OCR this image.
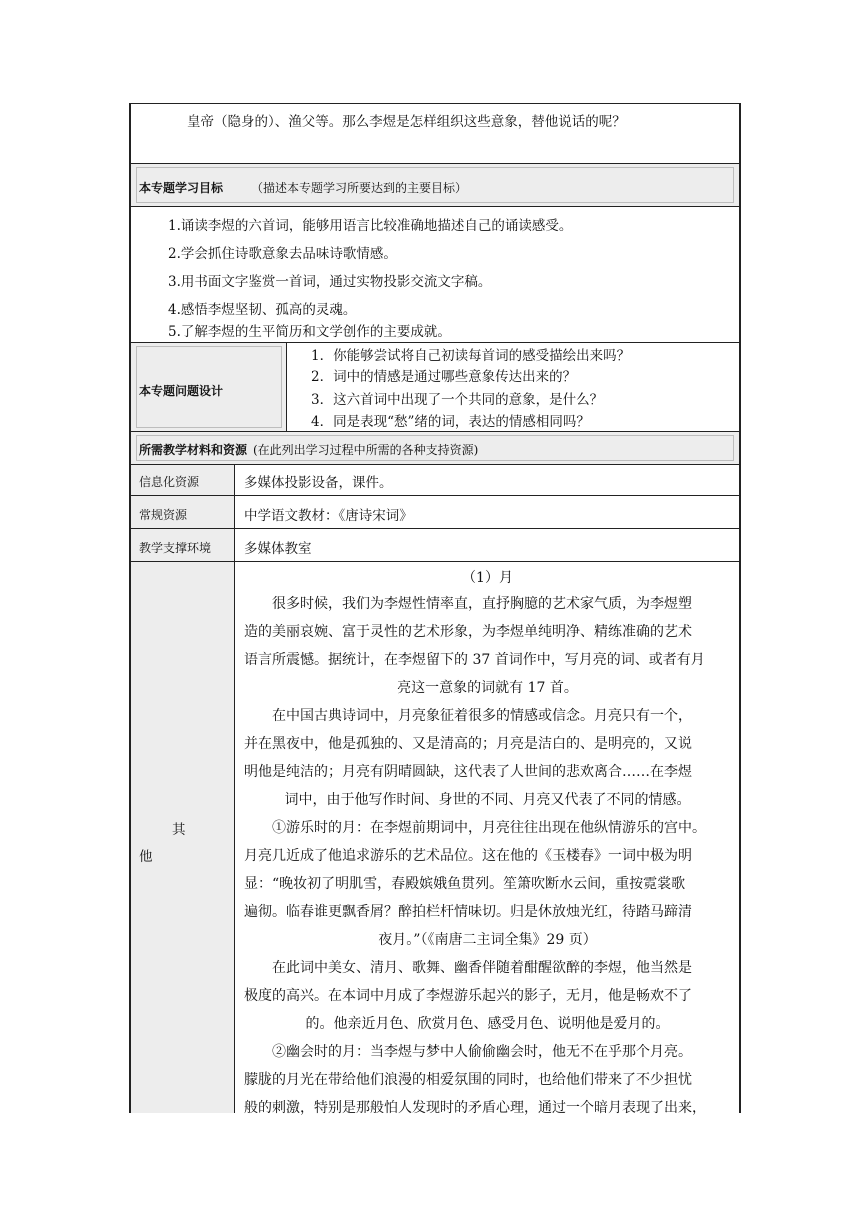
皇帝（隐身的）、渔父等。那么李煜是怎样组织这些意象，替他说话的呢？
本专题学习目标 （描述本专题学习所要达到的主要目标）
1.诵读李煜的六首词，能够用语言比较准确地描述自己的诵读感受。
2.学会抓住诗歌意象去品味诗歌情感。
3.用书面文字鉴赏一首词，通过实物投影交流文字稿。
4.感悟李煜坚韧、孤高的灵魂。
5.了解李煜的生平简历和文学创作的主要成就。
本专题问题设计
1．你能够尝试将自己初读每首词的感受描绘出来吗？
2．词中的情感是通过哪些意象传达出来的？
3．这六首词中出现了一个共同的意象，是什么？
4．同是表现“愁”绪的词，表达的情感相同吗？
所需教学材料和资源 (在此列出学习过程中所需的各种支持资源)
信息化资源	多媒体投影设备，课件。
常规资源	中学语文教材：《唐诗宋词》
教学支撑环境 多媒体教室
其
他
（1）月
很多时候，我们为李煜性情率直，直抒胸臆的艺术家气质，为李煜塑
造的美丽哀婉、富于灵性的艺术形象，为李煜单纯明净、精练准确的艺术
语言所震憾。据统计，在李煜留下的 37 首词作中，写月亮的词、或者有月
亮这一意象的词就有 17 首。
在中国古典诗词中，月亮象征着很多的情感或信念。月亮只有一个，
并在黑夜中，他是孤独的、又是清高的；月亮是洁白的、是明亮的，又说
明他是纯洁的；月亮有阴晴圆缺，这代表了人世间的悲欢离合……在李煜
词中，由于他写作时间、身世的不同、月亮又代表了不同的情感。
①游乐时的月：在李煜前期词中，月亮往往出现在他纵情游乐的宫中。
月亮几近成了他追求游乐的艺术品位。这在他的《玉楼春》一词中极为明
显：“晚妆初了明肌雪，春殿嫔娥鱼贯列。笙箫吹断水云间，重按霓裳歌
遍彻。临春谁更飘香屑？醉拍栏杆情味切。归是休放烛光红，待踏马蹄清
夜月。”（《南唐二主词全集》29 页）
在此词中美女、清月、歌舞、幽香伴随着酣醒欲醉的李煜，他当然是
极度的高兴。在本词中月成了李煜游乐起兴的影子，无月，他是畅欢不了
的。他亲近月色、欣赏月色、感受月色、说明他是爱月的。
②幽会时的月：当李煜与梦中人偷偷幽会时，他无不在乎那个月亮。
朦胧的月光在带给他们浪漫的相爱氛围的同时，也给他们带来了不少担忧
般的刺激，特别是那般怕人发现时的矛盾心理，通过一个暗月表现了出来，
